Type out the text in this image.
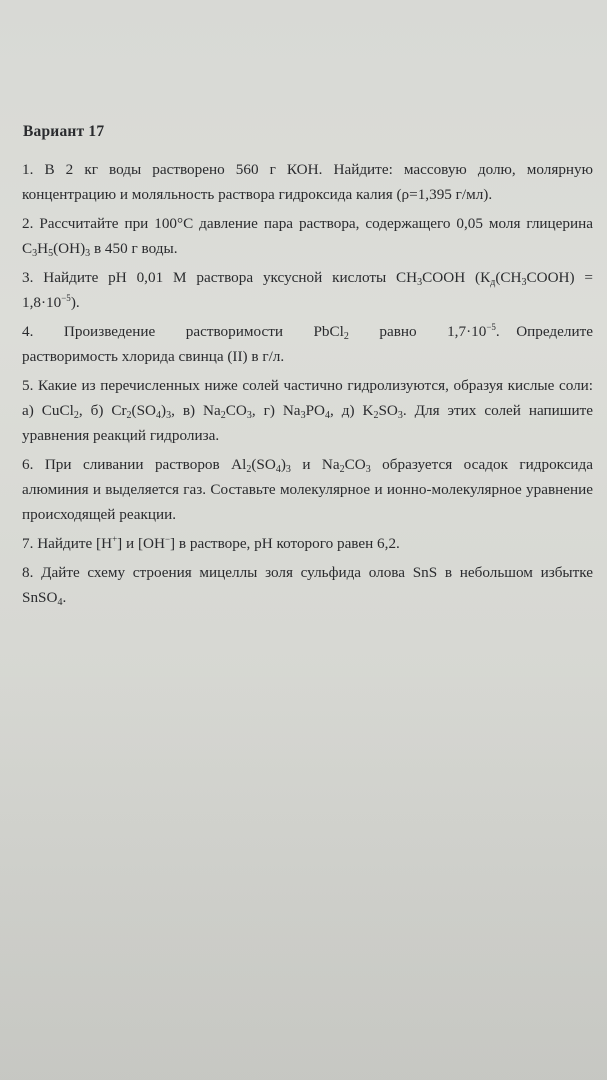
Вариант 17

1. В 2 кг воды растворено 560 г КОН. Найдите: массовую долю, молярную концентрацию и моляльность раствора гидроксида калия (ρ=1,395 г/мл).

2. Рассчитайте при 100°С давление пара раствора, содержащего 0,05 моля глицерина $С_3Н_5(ОН)_3$ в 450 г воды.

3. Найдите рН 0,01 М раствора уксусной кислоты $СН_3СООН$ $(К_д(СН_3СООН) = 1,8\cdot 10^{-5})$.

4. Произведение растворимости PbCl$_2$ равно $1,7\cdot 10^{-5}$. Определите растворимость хлорида свинца (II) в г/л.

5. Какие из перечисленных ниже солей частично гидролизуются, образуя кислые соли: а) CuCl$_2$, б) $Cr_2(SO_4)_3$, в) $Na_2CO_3$, г) $Na_3PO_4$, д) $K_2SO_3$. Для этих солей напишите уравнения реакций гидролиза.

6. При сливании растворов $Al_2(SO_4)_3$ и $Na_2CO_3$ образуется осадок гидроксида алюминия и выделяется газ. Составьте молекулярное и ионно-молекулярное уравнение происходящей реакции.

7. Найдите [H+] и [OH−] в растворе, рН которого равен 6,2.

8. Дайте схему строения мицеллы золя сульфида олова SnS в небольшом избытке SnSO$_4$.
